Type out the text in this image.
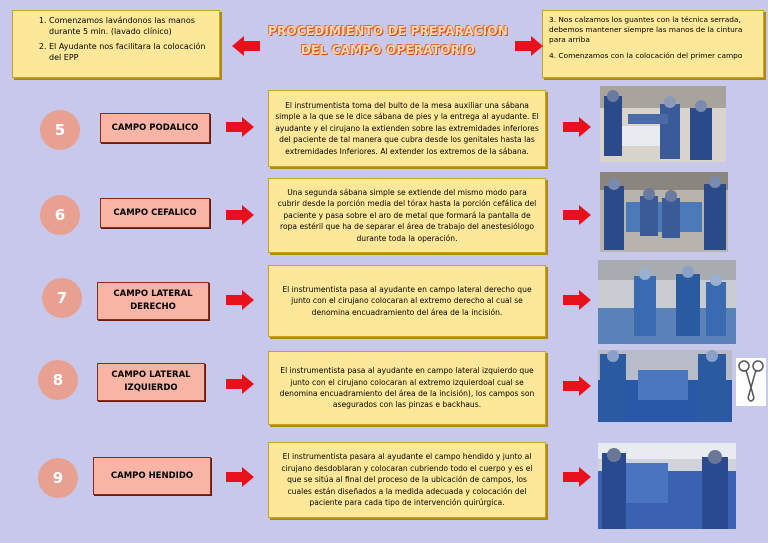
PROCEDIMIENTO DE PREPARACION
DEL CAMPO OPERATORIO
1. Comenzamos lavándonos las manos durante 5 min. (lavado clínico)
2. El Ayudante nos facilitara la colocación del EPP

3. Nos calzamos los guantes con la técnica serrada, debemos mantener siempre las manos de la cintura para arriba

4. Comenzamos con la colocación del primer campo

5	CAMPO PODALICO
El instrumentista toma del bulto de la mesa auxiliar una sábana simple a la que se le dice sábana de pies y la entrega al ayudante. El ayudante y el cirujano la extienden sobre las extremidades inferiores del paciente de tal manera que cubra desde los genitales hasta las extremidades Inferiores. Al extender los extremos de la sábana.
6	CAMPO CEFALICO
Una segunda sábana simple se extiende del mismo modo para cubrir desde la porción media del tórax hasta la porción cefálica del paciente y pasa sobre el aro de metal que formará la pantalla de ropa estéril que ha de separar el área de trabajo del anestesiólogo durante toda la operación.
7	CAMPO LATERAL DERECHO
El instrumentista pasa al ayudante en campo lateral derecho que junto con el cirujano colocaran al extremo derecho al cual se denomina encuadramiento del área de la incisión.
8	CAMPO LATERAL IZQUIERDO
El instrumentista pasa al ayudante en campo lateral izquierdo que junto con el cirujano colocaran al extremo izquierdoal cual se denomina encuadramiento del área de la incisión), los campos son asegurados con las pinzas e backhaus.
9	CAMPO HENDIDO
El instrumentista pasara al ayudante el campo hendido y junto al cirujano desdoblaran y colocaran cubriendo todo el cuerpo y es el que se sitúa al final del proceso de la ubicación de campos, los cuales están diseñados a la medida adecuada y colocación del paciente para cada tipo de intervención quirúrgica.
